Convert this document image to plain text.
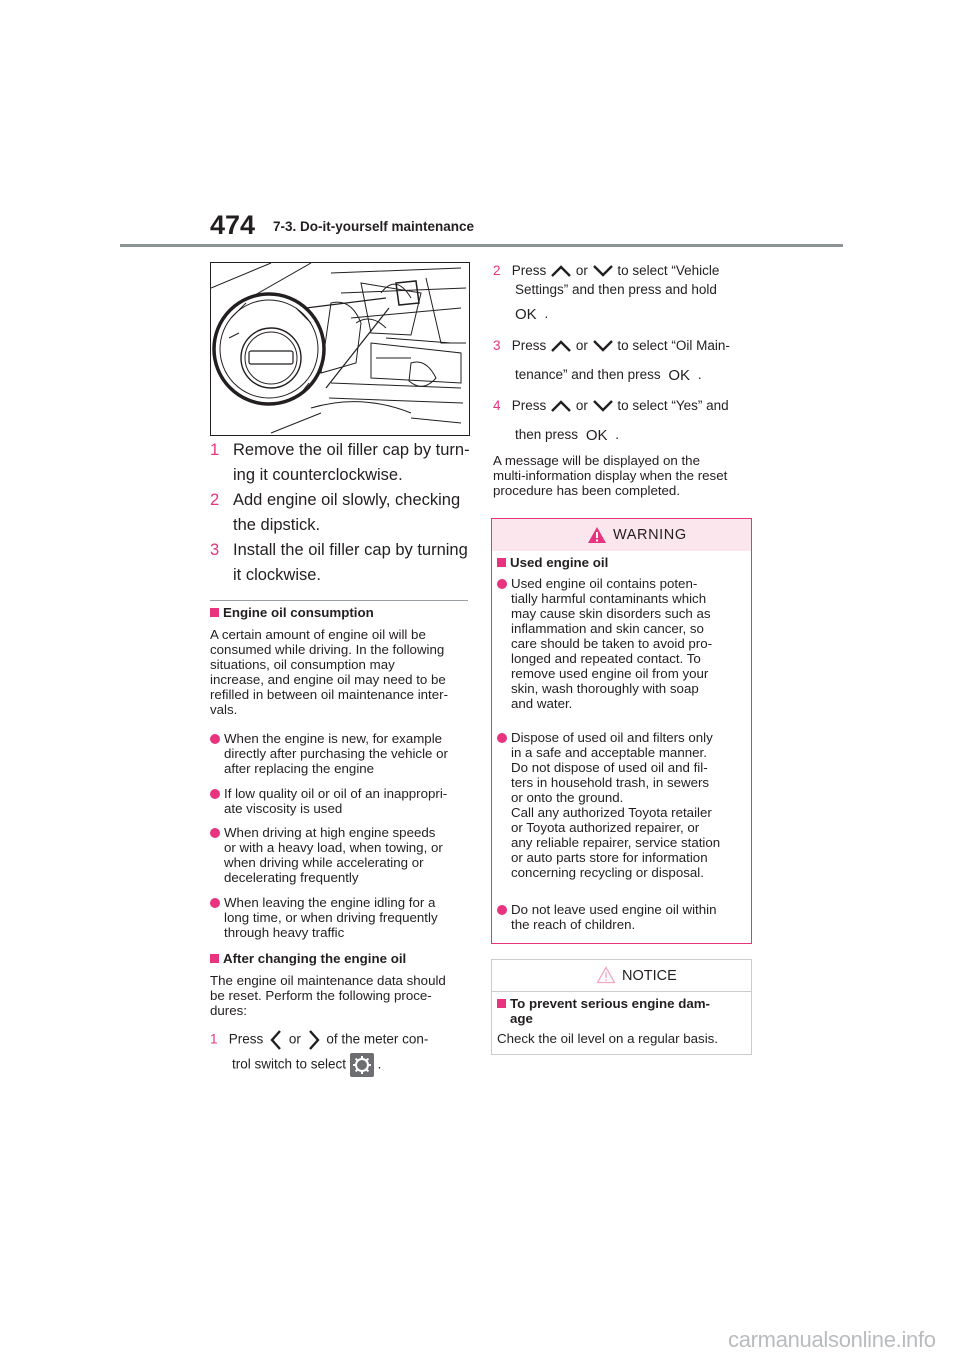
474 7-3. Do-it-yourself maintenance
1 Remove the oil filler cap by turn-
ing it counterclockwise.
2 Add engine oil slowly, checking
the dipstick.
3 Install the oil filler cap by turning
it clockwise.
Engine oil consumption
A certain amount of engine oil will be
consumed while driving. In the following
situations, oil consumption may
increase, and engine oil may need to be
refilled in between oil maintenance inter-
vals.
When the engine is new, for example
directly after purchasing the vehicle or
after replacing the engine
If low quality oil or oil of an inappropri-
ate viscosity is used
When driving at high engine speeds
or with a heavy load, when towing, or
when driving while accelerating or
decelerating frequently
When leaving the engine idling for a
long time, or when driving frequently
through heavy traffic
After changing the engine oil
The engine oil maintenance data should
be reset. Perform the following proce-
dures:
1 Press or of the meter con-
trol switch to select .
2 Press or to select “Vehicle
Settings” and then press and hold
OK .
3 Press or to select “Oil Main-
tenance” and then press OK .
4 Press or to select “Yes” and
then press OK .
A message will be displayed on the
multi-information display when the reset
procedure has been completed.
WARNING
Used engine oil
Used engine oil contains poten-
tially harmful contaminants which
may cause skin disorders such as
inflammation and skin cancer, so
care should be taken to avoid pro-
longed and repeated contact. To
remove used engine oil from your
skin, wash thoroughly with soap
and water.
Dispose of used oil and filters only
in a safe and acceptable manner.
Do not dispose of used oil and fil-
ters in household trash, in sewers
or onto the ground.
Call any authorized Toyota retailer
or Toyota authorized repairer, or
any reliable repairer, service station
or auto parts store for information
concerning recycling or disposal.
Do not leave used engine oil within
the reach of children.
NOTICE
To prevent serious engine dam-
age
Check the oil level on a regular basis.
carmanualsonline.info
